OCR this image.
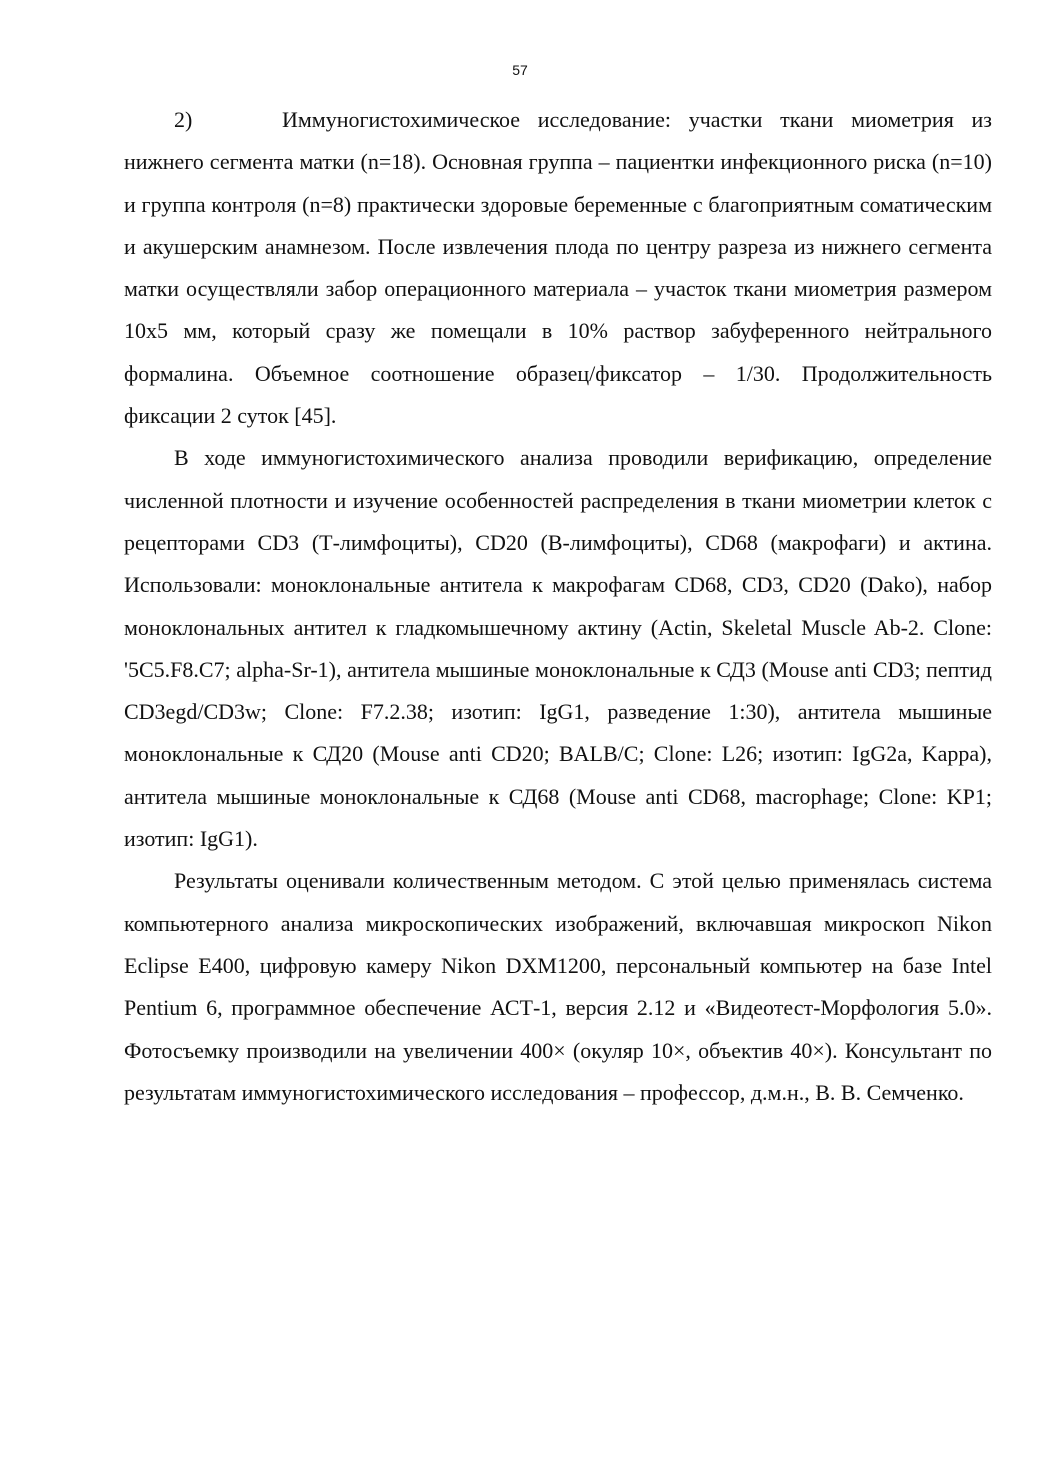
57

2)	Иммуногистохимическое исследование: участки ткани миометрия из нижнего сегмента матки (n=18). Основная группа – пациентки инфекционного риска (n=10) и группа контроля (n=8) практически здоровые беременные с благоприятным соматическим и акушерским анамнезом. После извлечения плода по центру разреза из нижнего сегмента матки осуществляли забор операционного материала – участок ткани миометрия размером 10х5 мм, который сразу же помещали в 10% раствор забуференного нейтрального формалина. Объемное соотношение образец/фиксатор – 1/30. Продолжительность фиксации 2 суток [45].

В ходе иммуногистохимического анализа проводили верификацию, определение численной плотности и изучение особенностей распределения в ткани миометрии клеток с рецепторами CD3 (Т-лимфоциты), CD20 (В-лимфоциты), CD68 (макрофаги) и актина. Использовали: моноклональные антитела к макрофагам CD68, CD3, CD20 (Dako), набор моноклональных антител к гладкомышечному актину (Actin, Skeletal Muscle Ab-2. Clone: '5C5.F8.C7; alpha-Sr-1), антитела мышиные моноклональные к СД3 (Mouse anti CD3; пептид CD3egd/CD3w; Clone: F7.2.38; изотип: IgG1, разведение 1:30), антитела мышиные моноклональные к СД20 (Mouse anti CD20; BALB/C; Clone: L26; изотип: IgG2a, Kappa), антитела мышиные моноклональные к СД68 (Mouse anti CD68, macrophage; Clone: KP1; изотип: IgG1).

Результаты оценивали количественным методом. С этой целью применялась система компьютерного анализа микроскопических изображений, включавшая микроскоп Nikon Eclipse E400, цифровую камеру Nikon DXM1200, персональный компьютер на базе Intel Pentium 6, программное обеспечение АСТ-1, версия 2.12 и «Видеотест-Морфология 5.0». Фотосъемку производили на увеличении 400× (окуляр 10×, объектив 40×). Консультант по результатам иммуногистохимического исследования – профессор, д.м.н., В. В. Семченко.
